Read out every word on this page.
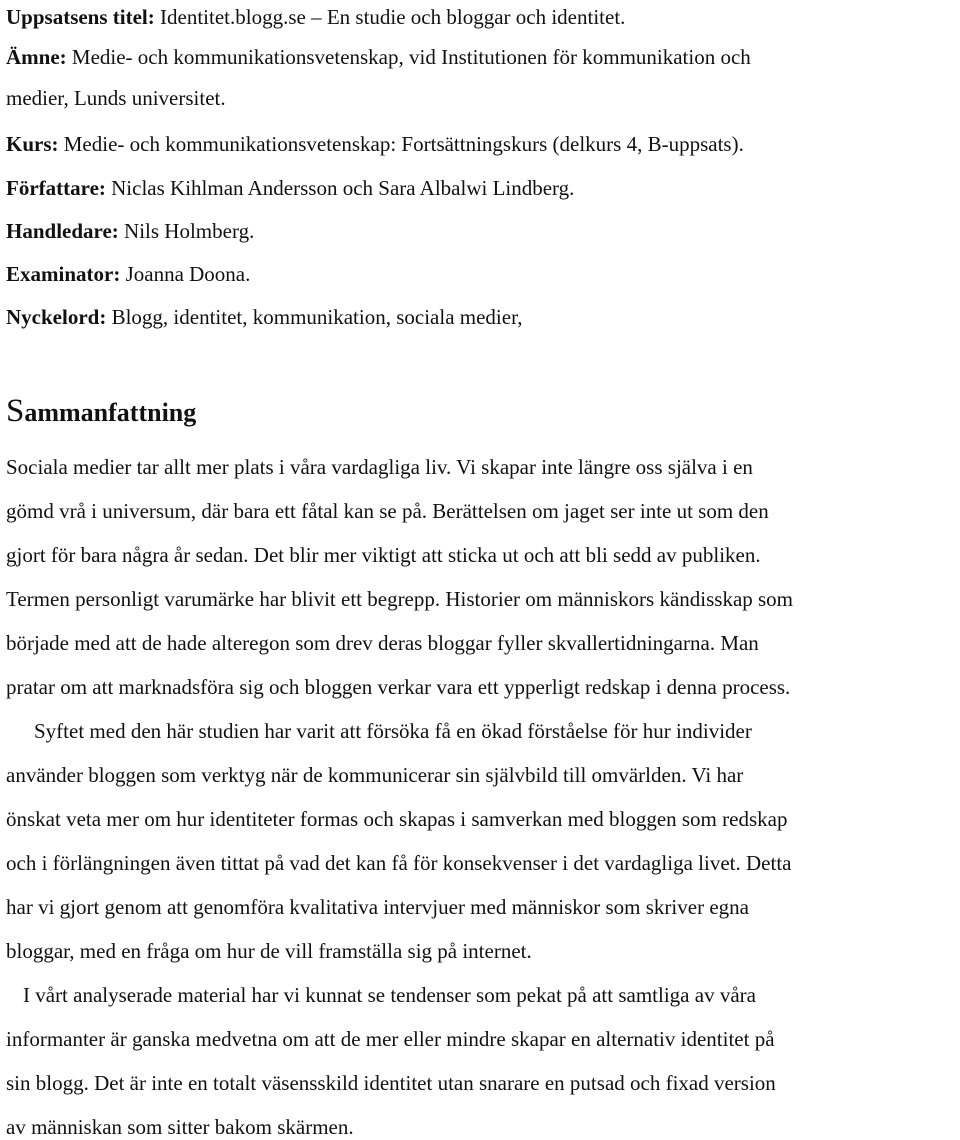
Uppsatsens titel: Identitet.blogg.se – En studie och bloggar och identitet.
Ämne: Medie- och kommunikationsvetenskap, vid Institutionen för kommunikation och
medier, Lunds universitet.
Kurs: Medie- och kommunikationsvetenskap: Fortsättningskurs (delkurs 4, B-uppsats).
Författare: Niclas Kihlman Andersson och Sara Albalwi Lindberg.
Handledare: Nils Holmberg.
Examinator: Joanna Doona.
Nyckelord: Blogg, identitet, kommunikation, sociala medier,
Sammanfattning
Sociala medier tar allt mer plats i våra vardagliga liv. Vi skapar inte längre oss själva i en
gömd vrå i universum, där bara ett fåtal kan se på. Berättelsen om jaget ser inte ut som den
gjort för bara några år sedan. Det blir mer viktigt att sticka ut och att bli sedd av publiken.
Termen personligt varumärke har blivit ett begrepp. Historier om människors kändisskap som
började med att de hade alteregon som drev deras bloggar fyller skvallertidningarna. Man
pratar om att marknadsföra sig och bloggen verkar vara ett ypperligt redskap i denna process.
Syftet med den här studien har varit att försöka få en ökad förståelse för hur individer
använder bloggen som verktyg när de kommunicerar sin självbild till omvärlden. Vi har
önskat veta mer om hur identiteter formas och skapas i samverkan med bloggen som redskap
och i förlängningen även tittat på vad det kan få för konsekvenser i det vardagliga livet. Detta
har vi gjort genom att genomföra kvalitativa intervjuer med människor som skriver egna
bloggar, med en fråga om hur de vill framställa sig på internet.
I vårt analyserade material har vi kunnat se tendenser som pekat på att samtliga av våra
informanter är ganska medvetna om att de mer eller mindre skapar en alternativ identitet på
sin blogg. Det är inte en totalt väsensskild identitet utan snarare en putsad och fixad version
av människan som sitter bakom skärmen.
